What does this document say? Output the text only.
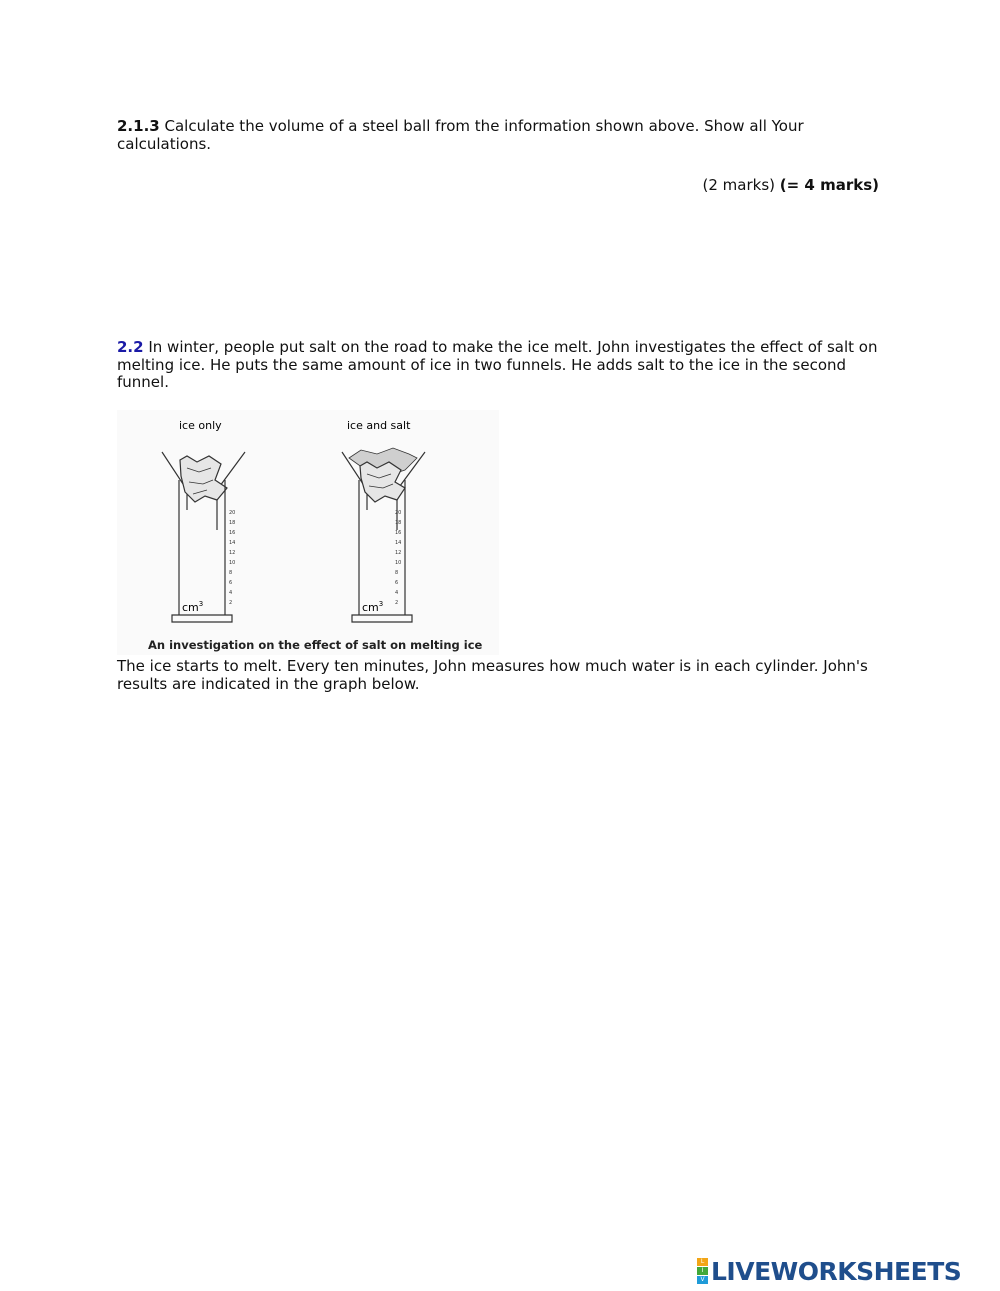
2.1.3 Calculate the volume of a steel ball from the information shown above. Show all Your calculations.
(2 marks) (= 4 marks)
2.2 In winter, people put salt on the road to make the ice melt. John investigates the effect of salt on melting ice. He puts the same amount of ice in two funnels. He adds salt to the ice in the second funnel.
ice only	ice and salt
20
18
16
14
12
10
8
6
4
2
$cm^3$
20
18
16
14
12
10
8
6
4
2
$cm^3$
An investigation on the effect of salt on melting ice
The ice starts to melt. Every ten minutes, John measures how much water is in each cylinder. John's results are indicated in the graph below.
L
I
V LIVEWORKSHEETS
